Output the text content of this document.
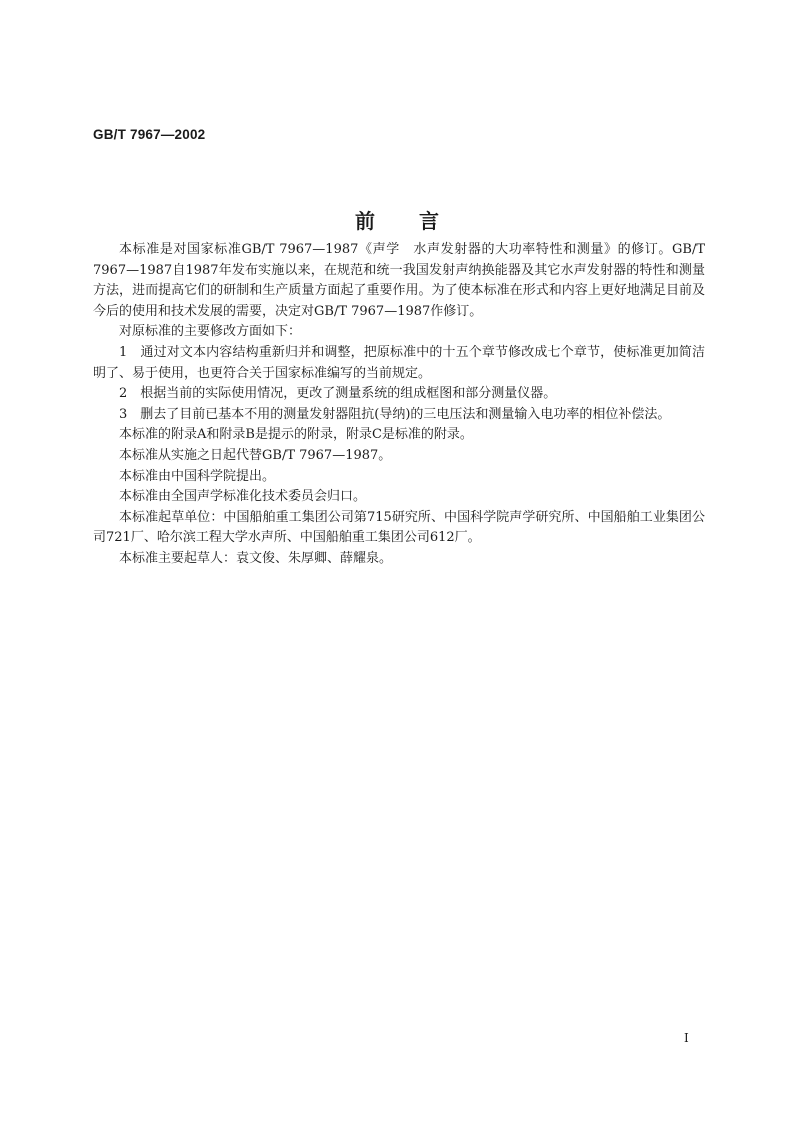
GB/T 7967—2002
前言

本标准是对国家标准GB/T 7967—1987《声学　水声发射器的大功率特性和测量》的修订。GB/T 7967—1987自1987年发布实施以来，在规范和统一我国发射声纳换能器及其它水声发射器的特性和测量方法，进而提高它们的研制和生产质量方面起了重要作用。为了使本标准在形式和内容上更好地满足目前及今后的使用和技术发展的需要，决定对GB/T 7967—1987作修订。

对原标准的主要修改方面如下：

1　通过对文本内容结构重新归并和调整，把原标准中的十五个章节修改成七个章节，使标准更加简洁明了、易于使用，也更符合关于国家标准编写的当前规定。

2　根据当前的实际使用情况，更改了测量系统的组成框图和部分测量仪器。

3　删去了目前已基本不用的测量发射器阻抗(导纳)的三电压法和测量输入电功率的相位补偿法。

本标准的附录A和附录B是提示的附录，附录C是标准的附录。

本标准从实施之日起代替GB/T 7967—1987。

本标准由中国科学院提出。

本标准由全国声学标准化技术委员会归口。

本标准起草单位：中国船舶重工集团公司第715研究所、中国科学院声学研究所、中国船舶工业集团公司721厂、哈尔滨工程大学水声所、中国船舶重工集团公司612厂。

本标准主要起草人：袁文俊、朱厚卿、薛耀泉。

I
